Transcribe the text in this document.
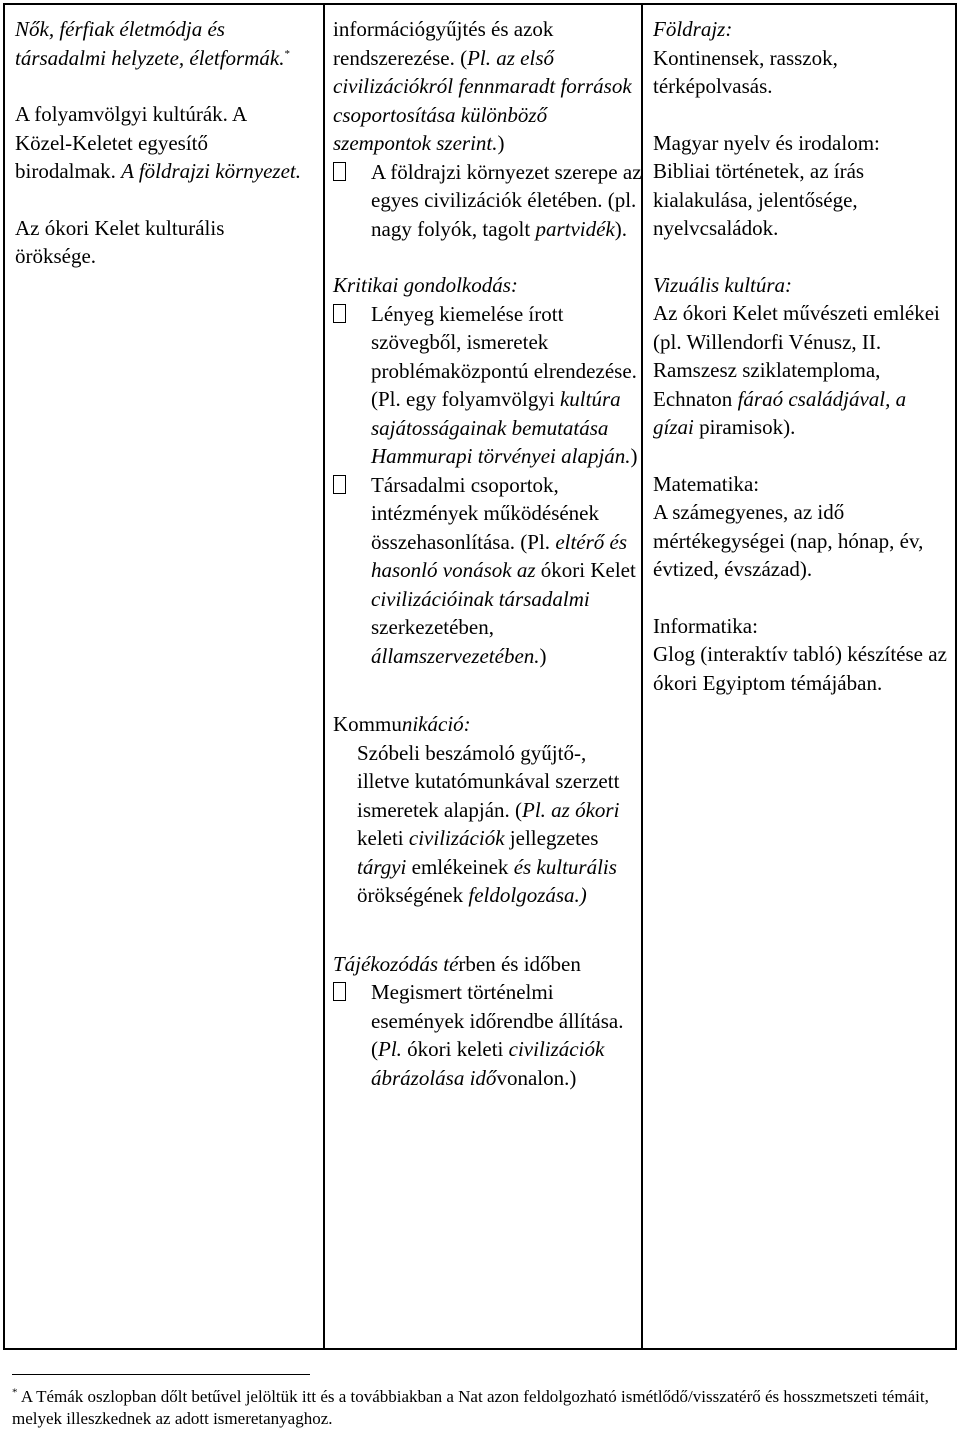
Nők, férfiak életmódja és társadalmi helyzete, életformák.*

A folyamvölgyi kultúrák. A Közel-Keletet egyesítő birodalmak. A földrajzi környezet.

Az ókori Kelet kulturális öröksége.

információgyűjtés és azok rendszerezése. (Pl. az első civilizációkról fennmaradt források csoportosítása különböző szempontok szerint.)

A földrajzi környezet szerepe az egyes civilizációk életében. (pl. nagy folyók, tagolt partvidék).

Kritikai gondolkodás:

Lényeg kiemelése írott szövegből, ismeretek problémaközpontú elrendezése. (Pl. egy folyamvölgyi kultúra sajátosságainak bemutatása Hammurapi törvényei alapján.)

Társadalmi csoportok, intézmények működésének összehasonlítása. (Pl. eltérő és hasonló vonások az ókori Kelet civilizációinak társadalmi szerkezetében, államszervezetében.)

Kommunikáció:

Szóbeli beszámoló gyűjtő-, illetve kutatómunkával szerzett ismeretek alapján. (Pl. az ókori keleti civilizációk jellegzetes tárgyi emlékeinek és kulturális örökségének feldolgozása.)

Tájékozódás térben és időben

Megismert történelmi események időrendbe állítása. (Pl. ókori keleti civilizációk ábrázolása idővonalon.)

Földrajz:

Kontinensek, rasszok, térképolvasás.

Magyar nyelv és irodalom:

Bibliai történetek, az írás kialakulása, jelentősége, nyelvcsaládok.

Vizuális kultúra:

Az ókori Kelet művészeti emlékei (pl. Willendorfi Vénusz, II. Ramszesz sziklatemploma, Echnaton fáraó családjával, a gízai piramisok).

Matematika:

A számegyenes, az idő mértékegységei (nap, hónap, év, évtized, évszázad).

Informatika:

Glog (interaktív tabló) készítése az ókori Egyiptom témájában.

* A Témák oszlopban dőlt betűvel jelöltük itt és a továbbiakban a Nat azon feldolgozható ismétlődő/visszatérő és hosszmetszeti témáit, melyek illeszkednek az adott ismeretanyaghoz.
